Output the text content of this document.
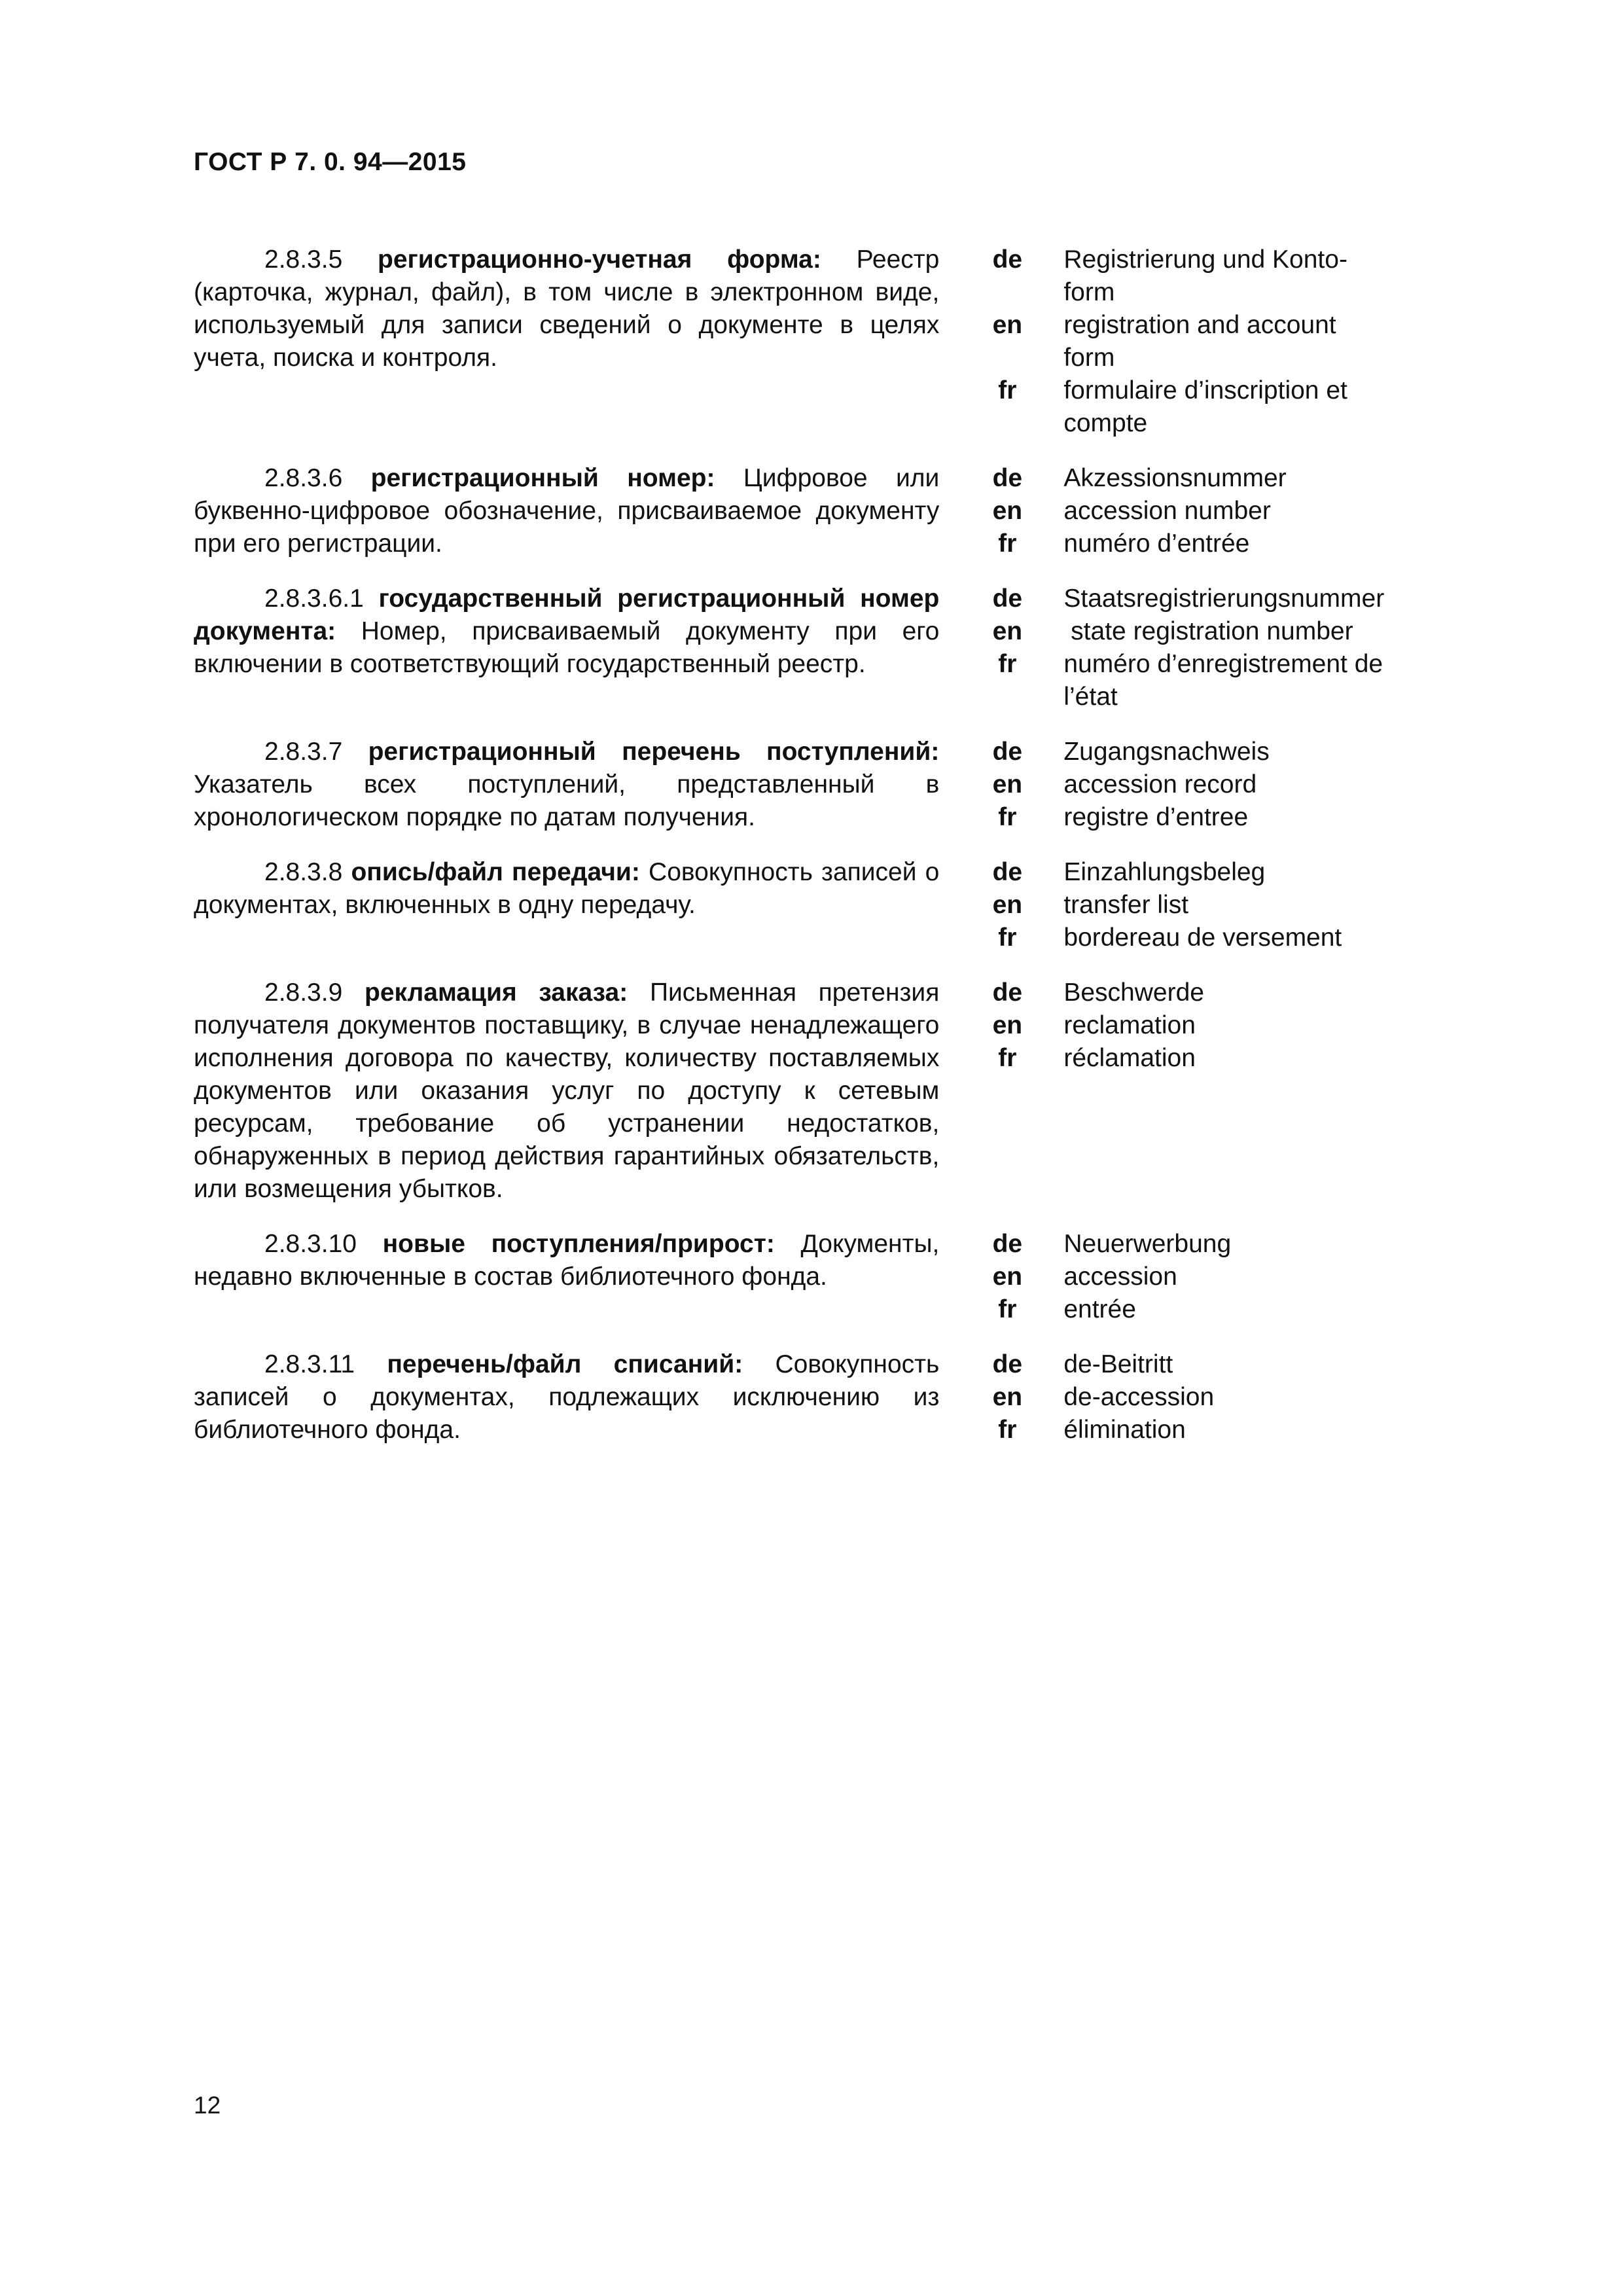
ГОСТ Р 7. 0. 94—2015
2.8.3.5 регистрационно-учетная форма: Реестр (карточка, журнал, файл), в том числе в электронном виде, используемый для записи сведений о документе в целях учета, поиска и контроля.
de	Registrierung und Konto-
form
en	registration and account
form
fr	formulaire d’inscription et
compte
2.8.3.6 регистрационный номер: Цифровое или буквенно-цифровое обозначение, присваиваемое документу при его регистрации.
de	Akzessionsnummer
en	accession number
fr	numéro d’entrée
2.8.3.6.1 государственный регистрационный номер документа: Номер, присваиваемый документу при его включении в соответствующий государственный реестр.
de	Staatsregistrierungsnummer
en	state registration number
fr	numéro d’enregistrement de
l’état
2.8.3.7 регистрационный перечень поступлений: Указатель всех поступлений, представленный в хронологическом порядке по датам получения.
de	Zugangsnachweis
en	accession record
fr	registre d’entree
2.8.3.8 опись/файл передачи: Совокупность записей о документах, включенных в одну передачу.
de	Einzahlungsbeleg
en	transfer list
fr	bordereau de versement
2.8.3.9 рекламация заказа: Письменная претензия получателя документов поставщику, в случае ненадлежащего исполнения договора по качеству, количеству поставляемых документов или оказания услуг по доступу к сетевым ресурсам, требование об устранении недостатков, обнаруженных в период действия гарантийных обязательств, или возмещения убытков.
de	Beschwerde
en	reclamation
fr	réclamation
2.8.3.10 новые поступления/прирост: Документы, недавно включенные в состав библиотечного фонда.
de	Neuerwerbung
en	accession
fr	entrée
2.8.3.11 перечень/файл списаний: Совокупность записей о документах, подлежащих исключению из библиотечного фонда.
de	de-Beitritt
en	de-accession
fr	élimination
12
